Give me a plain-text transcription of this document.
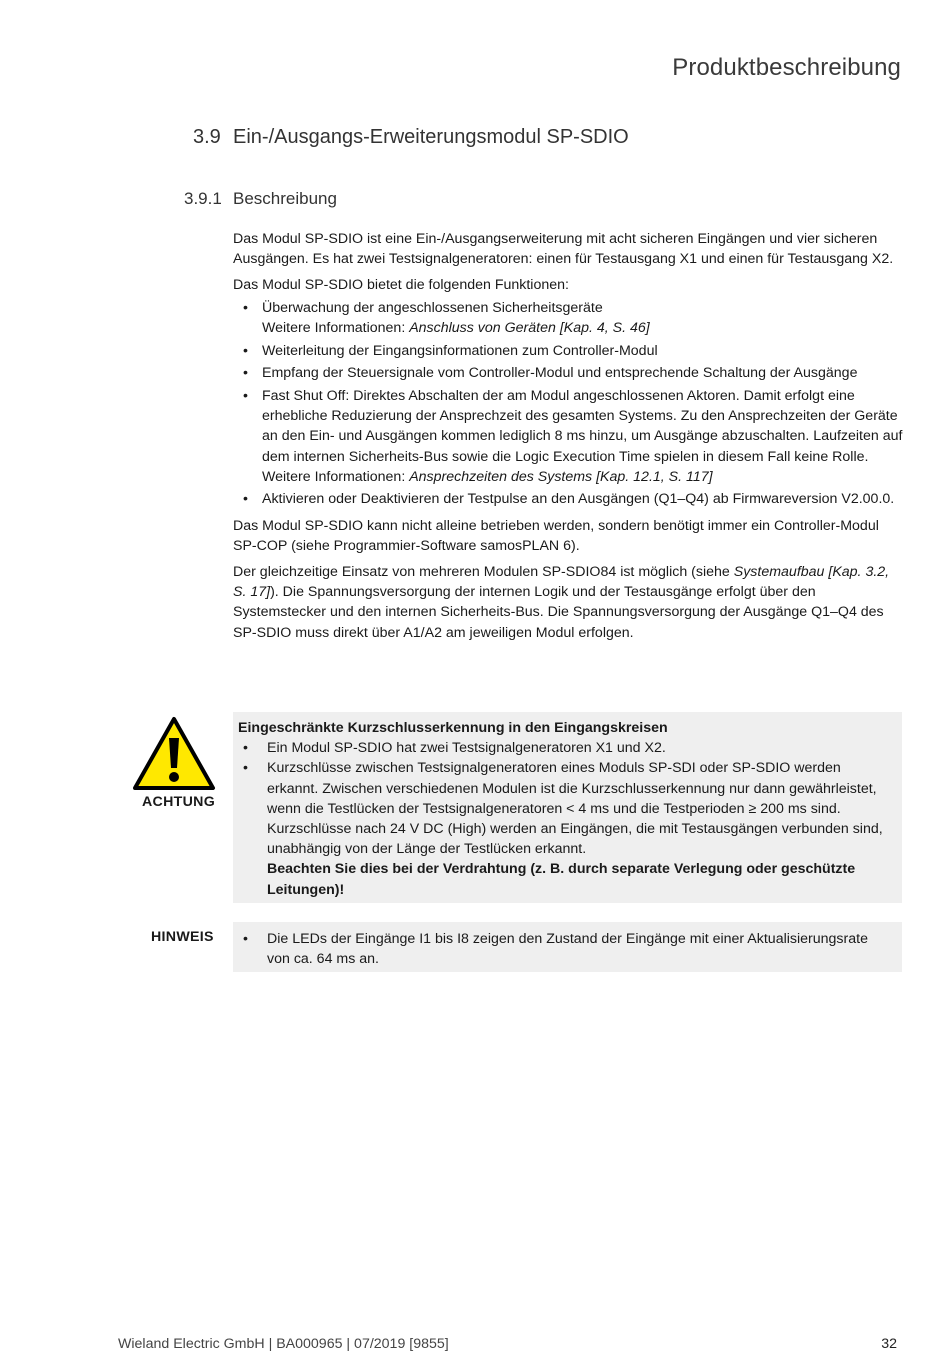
Produktbeschreibung
3.9 Ein-/Ausgangs-Erweiterungsmodul SP-SDIO
3.9.1 Beschreibung

Das Modul SP-SDIO ist eine Ein-/Ausgangserweiterung mit acht sicheren Eingängen und vier sicheren Ausgängen. Es hat zwei Testsignalgeneratoren: einen für Testausgang X1 und einen für Testausgang X2.

Das Modul SP-SDIO bietet die folgenden Funktionen:

• Überwachung der angeschlossenen Sicherheitsgeräte
Weitere Informationen: Anschluss von Geräten [Kap. 4, S. 46]
• Weiterleitung der Eingangsinformationen zum Controller-Modul
• Empfang der Steuersignale vom Controller-Modul und entsprechende Schaltung der Ausgänge
• Fast Shut Off: Direktes Abschalten der am Modul angeschlossenen Aktoren. Damit erfolgt eine erhebliche Reduzierung der Ansprechzeit des gesamten Systems. Zu den Ansprechzeiten der Geräte an den Ein- und Ausgängen kommen lediglich 8 ms hinzu, um Ausgänge abzuschalten. Laufzeiten auf dem internen Sicherheits-Bus sowie die Logic Execution Time spielen in diesem Fall keine Rolle.
Weitere Informationen: Ansprechzeiten des Systems [Kap. 12.1, S. 117]
• Aktivieren oder Deaktivieren der Testpulse an den Ausgängen (Q1–Q4) ab Firmwareversion V2.00.0.

Das Modul SP-SDIO kann nicht alleine betrieben werden, sondern benötigt immer ein Controller-Modul SP-COP (siehe Programmier-Software samosPLAN 6).

Der gleichzeitige Einsatz von mehreren Modulen SP-SDIO84 ist möglich (siehe Systemaufbau [Kap. 3.2, S. 17]). Die Spannungsversorgung der internen Logik und der Testausgänge erfolgt über den Systemstecker und den internen Sicherheits-Bus. Die Spannungsversorgung der Ausgänge Q1–Q4 des SP-SDIO muss direkt über A1/A2 am jeweiligen Modul erfolgen.

ACHTUNG
Eingeschränkte Kurzschlusserkennung in den Eingangskreisen
• Ein Modul SP-SDIO hat zwei Testsignalgeneratoren X1 und X2.
• Kurzschlüsse zwischen Testsignalgeneratoren eines Moduls SP-SDI oder SP-SDIO werden erkannt. Zwischen verschiedenen Modulen ist die Kurzschlusserkennung nur dann gewährleistet, wenn die Testlücken der Testsignalgeneratoren < 4 ms und die Testperioden ≥ 200 ms sind. Kurzschlüsse nach 24 V DC (High) werden an Eingängen, die mit Testausgängen verbunden sind, unabhängig von der Länge der Testlücken erkannt.
Beachten Sie dies bei der Verdrahtung (z. B. durch separate Verlegung oder geschützte Leitungen)!
HINWEIS • Die LEDs der Eingänge I1 bis I8 zeigen den Zustand der Eingänge mit einer Aktualisierungsrate von ca. 64 ms an.
Wieland Electric GmbH | BA000965 | 07/2019 [9855]	32
